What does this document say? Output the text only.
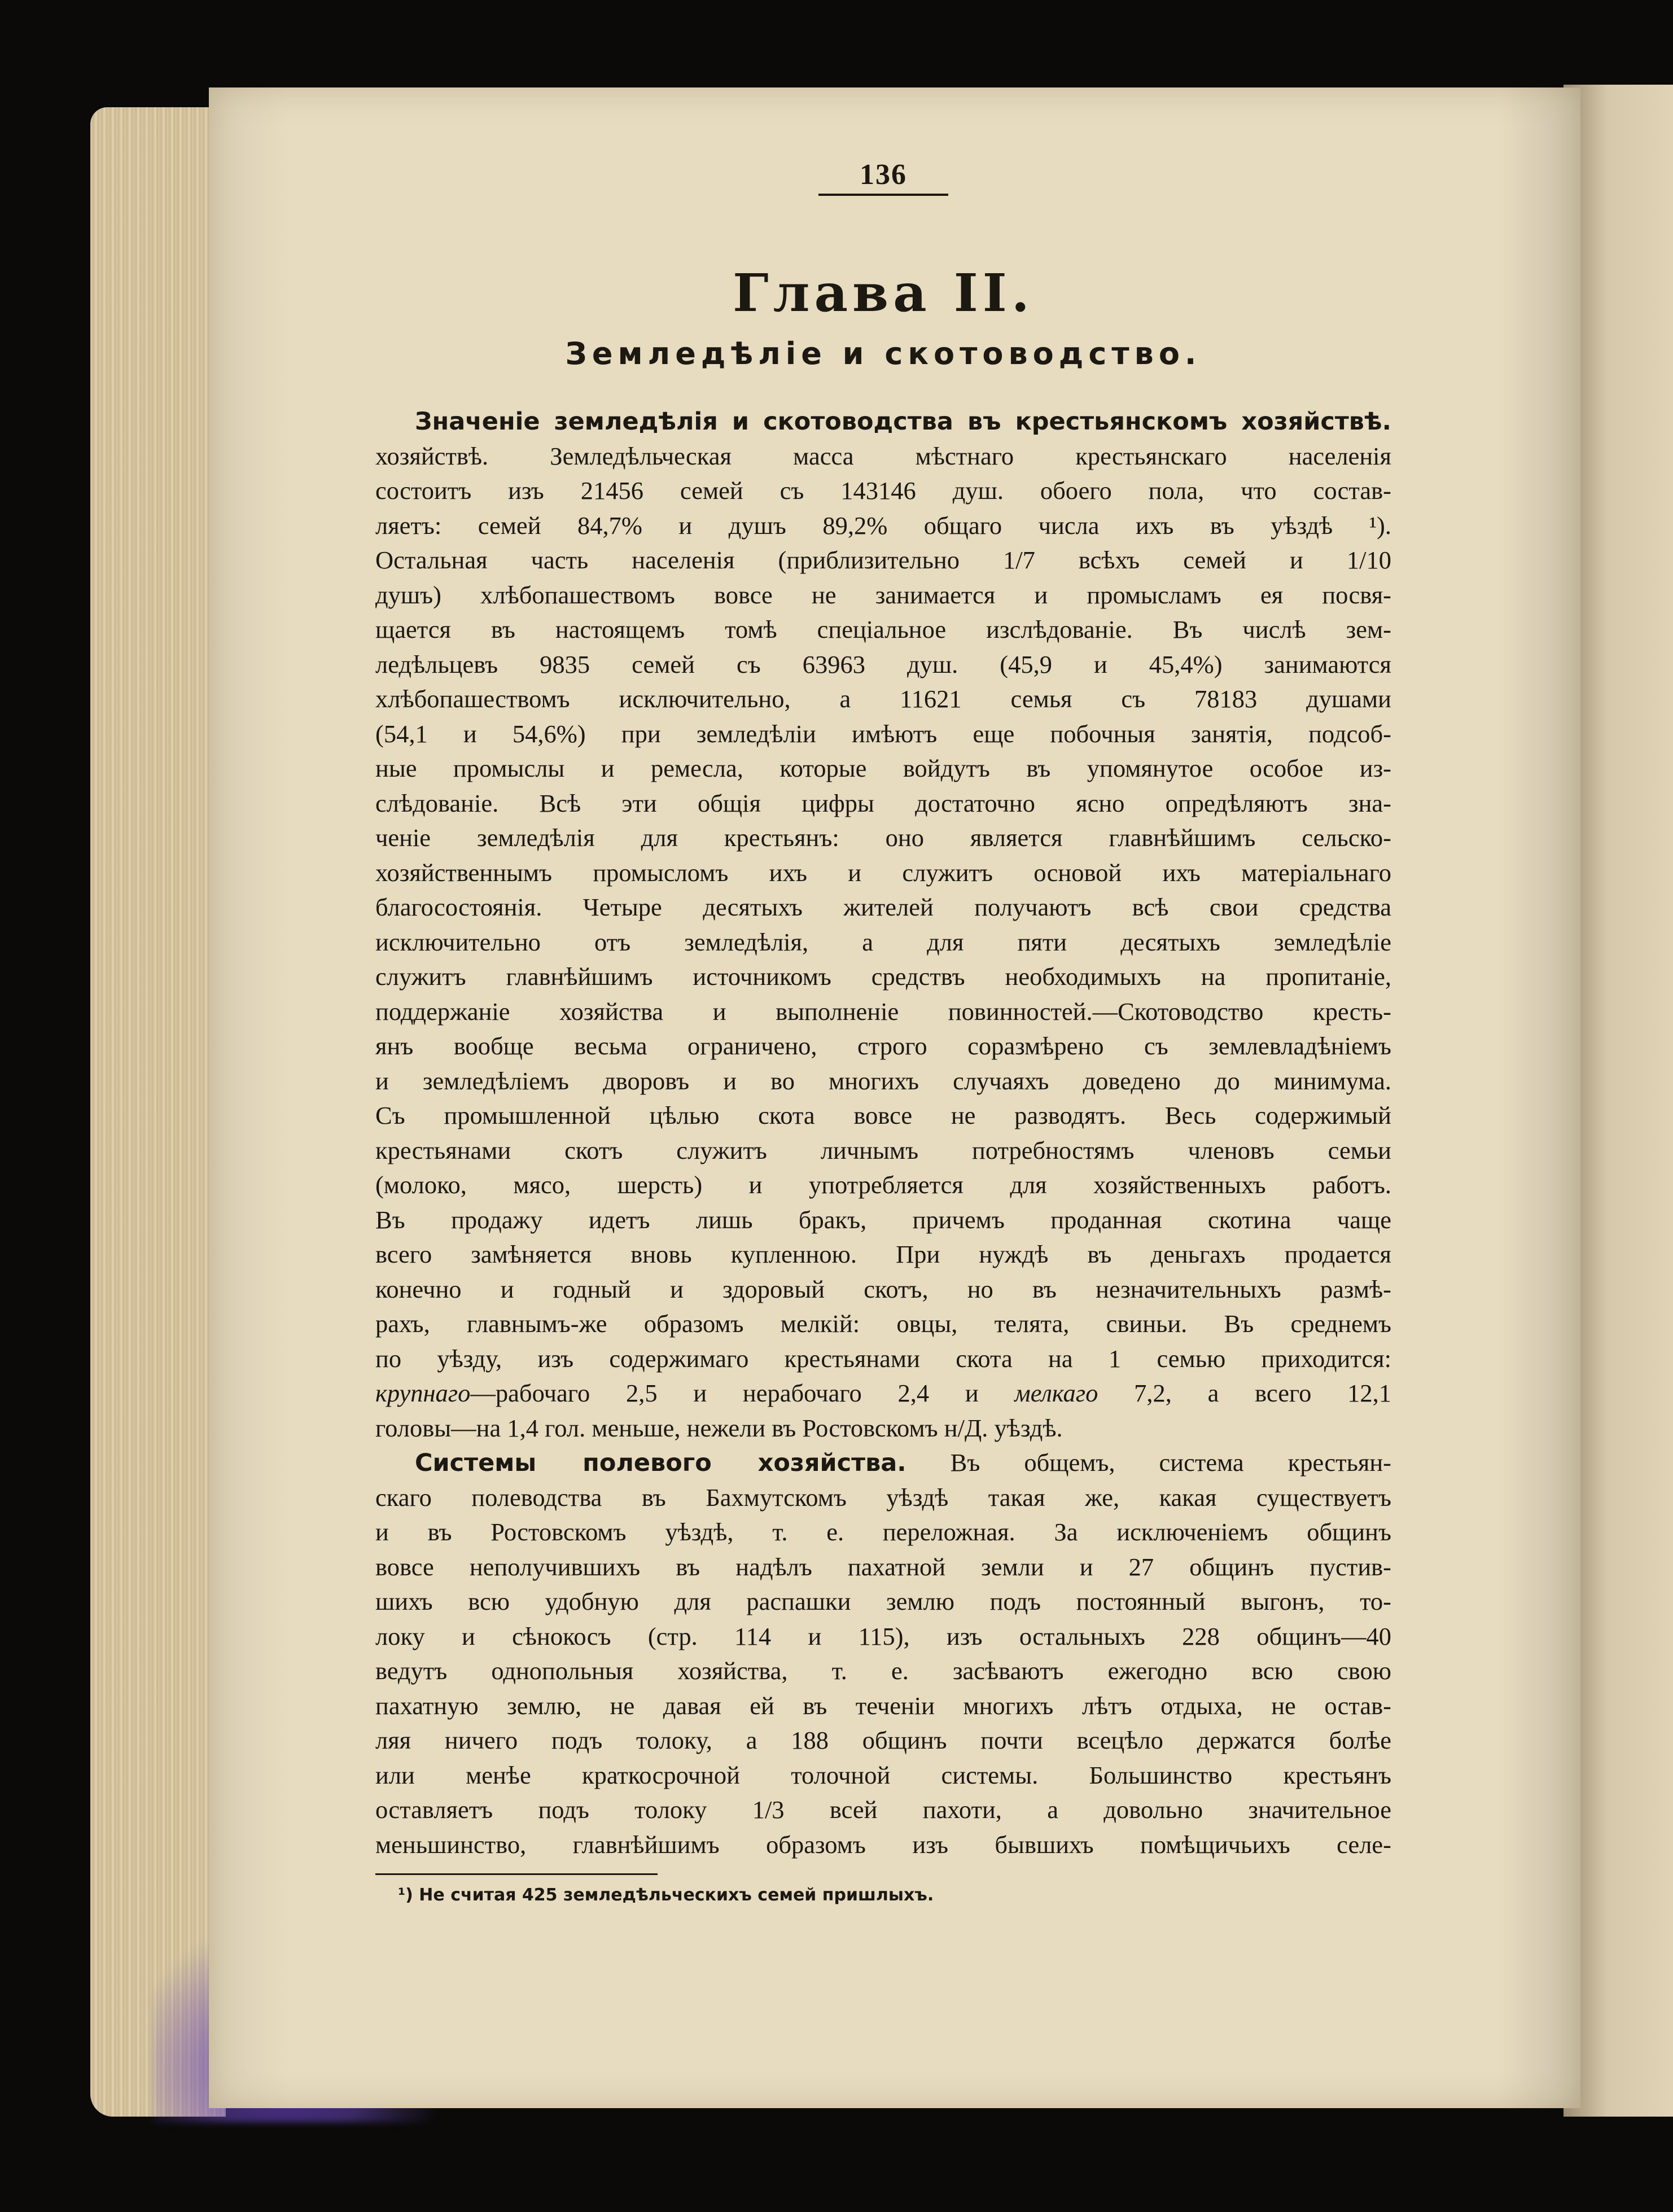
136
Глава II.
Земледѣліе и скотоводство.
Значеніе земледѣлія и скотоводства въ крестьянскомъ хозяйствѣ.
хозяйствѣ. Земледѣльческая масса мѣстнаго крестьянскаго населенія
состоитъ изъ 21456 семей съ 143146 душ. обоего пола, что состав-
ляетъ: семей 84,7% и душъ 89,2% общаго числа ихъ въ уѣздѣ ¹).
Остальная часть населенія (приблизительно 1/7 всѣхъ семей и 1/10
душъ) хлѣбопашествомъ вовсе не занимается и промысламъ ея посвя-
щается въ настоящемъ томѣ спеціальное изслѣдованіе. Въ числѣ зем-
ледѣльцевъ 9835 семей съ 63963 душ. (45,9 и 45,4%) занимаются
хлѣбопашествомъ исключительно, а 11621 семья съ 78183 душами
(54,1 и 54,6%) при земледѣліи имѣютъ еще побочныя занятія, подсоб-
ные промыслы и ремесла, которые войдутъ въ упомянутое особое из-
слѣдованіе. Всѣ эти общія цифры достаточно ясно опредѣляютъ зна-
ченіе земледѣлія для крестьянъ: оно является главнѣйшимъ сельско-
хозяйственнымъ промысломъ ихъ и служитъ основой ихъ матеріальнаго
благосостоянія. Четыре десятыхъ жителей получаютъ всѣ свои средства
исключительно отъ земледѣлія, а для пяти десятыхъ земледѣліе
служитъ главнѣйшимъ источникомъ средствъ необходимыхъ на пропитаніе,
поддержаніе хозяйства и выполненіе повинностей.—Скотоводство кресть-
янъ вообще весьма ограничено, строго соразмѣрено съ землевладѣніемъ
и земледѣліемъ дворовъ и во многихъ случаяхъ доведено до минимума.
Съ промышленной цѣлью скота вовсе не разводятъ. Весь содержимый
крестьянами скотъ служитъ личнымъ потребностямъ членовъ семьи
(молоко, мясо, шерсть) и употребляется для хозяйственныхъ работъ.
Въ продажу идетъ лишь бракъ, причемъ проданная скотина чаще
всего замѣняется вновь купленною. При нуждѣ въ деньгахъ продается
конечно и годный и здоровый скотъ, но въ незначительныхъ размѣ-
рахъ, главнымъ-же образомъ мелкій: овцы, телята, свиньи. Въ среднемъ
по уѣзду, изъ содержимаго крестьянами скота на 1 семью приходится:
крупнаго—рабочаго 2,5 и нерабочаго 2,4 и мелкаго 7,2, а всего 12,1
головы—на 1,4 гол. меньше, нежели въ Ростовскомъ н/Д. уѣздѣ.
Системы полевого хозяйства. Въ общемъ, система крестьян-
скаго полеводства въ Бахмутскомъ уѣздѣ такая же, какая существуетъ
и въ Ростовскомъ уѣздѣ, т. е. переложная. За исключеніемъ общинъ
вовсе неполучившихъ въ надѣлъ пахатной земли и 27 общинъ пустив-
шихъ всю удобную для распашки землю подъ постоянный выгонъ, то-
локу и сѣнокосъ (стр. 114 и 115), изъ остальныхъ 228 общинъ—40
ведутъ однопольныя хозяйства, т. е. засѣваютъ ежегодно всю свою
пахатную землю, не давая ей въ теченіи многихъ лѣтъ отдыха, не остав-
ляя ничего подъ толоку, а 188 общинъ почти всецѣло держатся болѣе
или менѣе краткосрочной толочной системы. Большинство крестьянъ
оставляетъ подъ толоку 1/3 всей пахоти, а довольно значительное
меньшинство, главнѣйшимъ образомъ изъ бывшихъ помѣщичьихъ селе-
¹) Не считая 425 земледѣльческихъ семей пришлыхъ.
